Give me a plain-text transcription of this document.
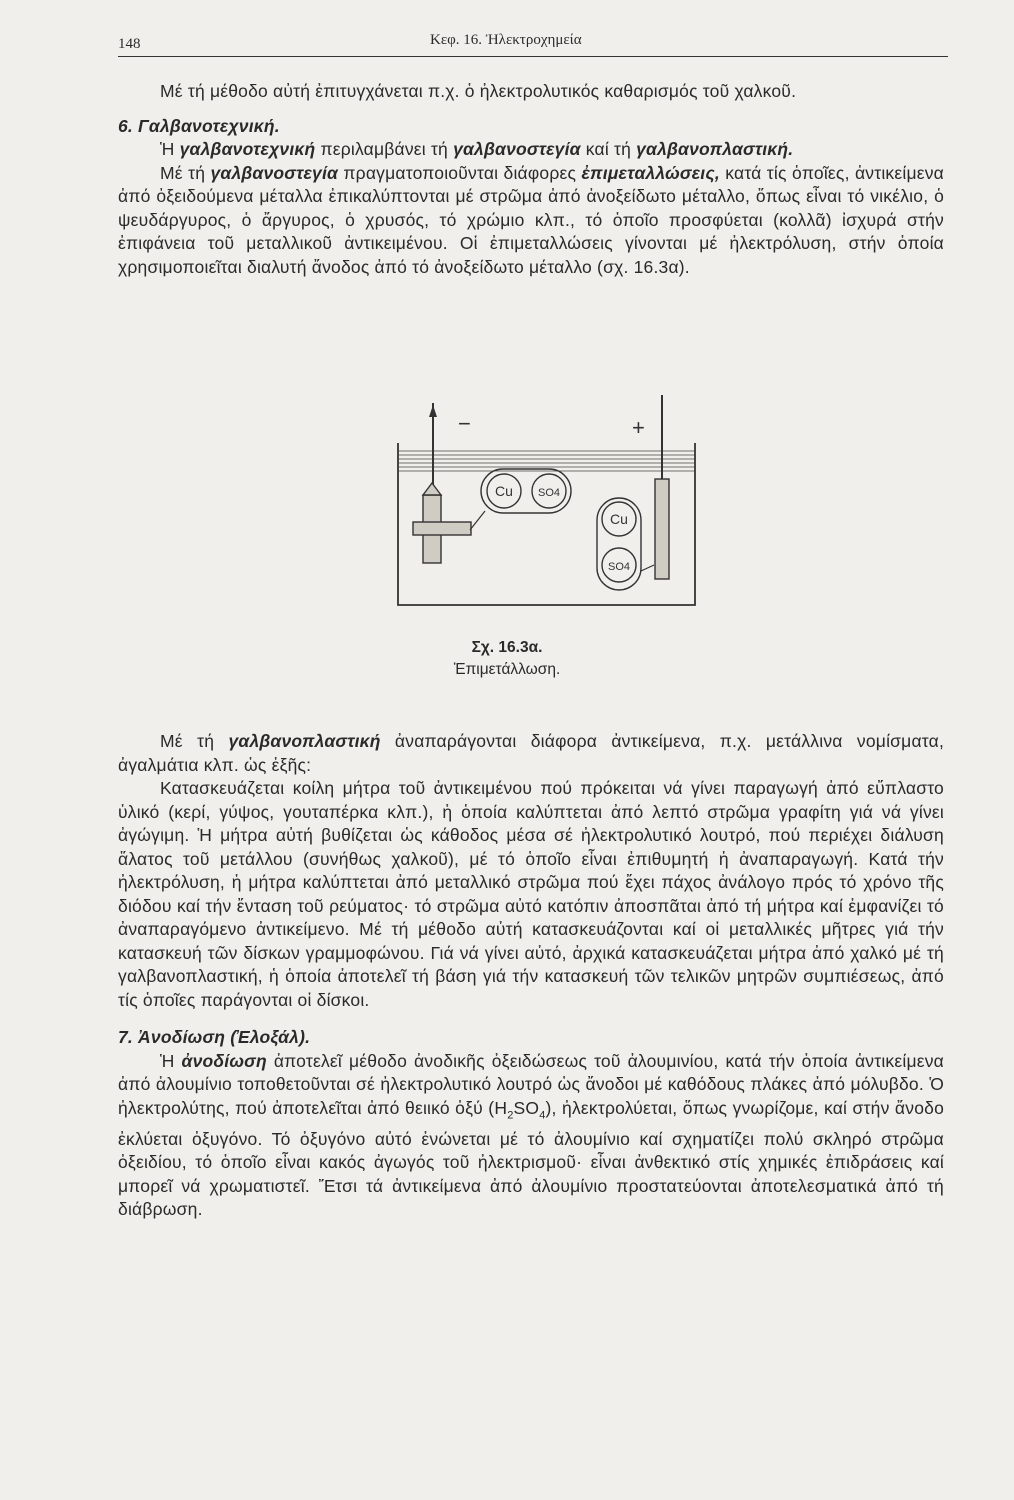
148	Κεφ. 16. Ἠλεκτροχημεία

Μέ τή μέθοδο αὐτή ἐπιτυγχάνεται π.χ. ὁ ἠλεκτρολυτικός καθαρισμός τοῦ χαλκοῦ.

6. Γαλβανοτεχνική.

Ἡ γαλβανοτεχνική περιλαμβάνει τή γαλβανοστεγία καί τή γαλβανοπλαστική.

Μέ τή γαλβανοστεγία πραγματοποιοῦνται διάφορες ἐπιμεταλλώσεις, κατά τίς ὁποῖες, ἀντικείμενα ἀπό ὀξειδούμενα μέταλλα ἐπικαλύπτονται μέ στρῶμα ἀπό ἀνοξείδωτο μέταλλο, ὅπως εἶναι τό νικέλιο, ὁ ψευδάργυρος, ὁ ἄργυρος, ὁ χρυσός, τό χρώμιο κλπ., τό ὁποῖο προσφύεται (κολλᾶ) ἰσχυρά στήν ἐπιφάνεια τοῦ μεταλλικοῦ ἀντικειμένου. Οἱ ἐπιμεταλλώσεις γίνονται μέ ἠλεκτρόλυση, στήν ὁποία χρησιμοποιεῖται διαλυτή ἄνοδος ἀπό τό ἀνοξείδωτο μέταλλο (σχ. 16.3α).

−	+
Cu SO4
Cu
SO4
Σχ. 16.3α.
Ἐπιμετάλλωση.

Μέ τή γαλβανοπλαστική ἀναπαράγονται διάφορα ἀντικείμενα, π.χ. μετάλλινα νομίσματα, ἀγαλμάτια κλπ. ὡς ἑξῆς:

Κατασκευάζεται κοίλη μήτρα τοῦ ἀντικειμένου πού πρόκειται νά γίνει παραγωγή ἀπό εὔπλαστο ὑλικό (κερί, γύψος, γουταπέρκα κλπ.), ἡ ὁποία καλύπτεται ἀπό λεπτό στρῶμα γραφίτη γιά νά γίνει ἀγώγιμη. Ἡ μήτρα αὐτή βυθίζεται ὡς κάθοδος μέσα σέ ἠλεκτρολυτικό λουτρό, πού περιέχει διάλυση ἅλατος τοῦ μετάλλου (συνήθως χαλκοῦ), μέ τό ὁποῖο εἶναι ἐπιθυμητή ἡ ἀναπαραγωγή. Κατά τήν ἠλεκτρόλυση, ἡ μήτρα καλύπτεται ἀπό μεταλλικό στρῶμα πού ἔχει πάχος ἀνάλογο πρός τό χρόνο τῆς διόδου καί τήν ἔνταση τοῦ ρεύματος· τό στρῶμα αὐτό κατόπιν ἀποσπᾶται ἀπό τή μήτρα καί ἐμφανίζει τό ἀναπαραγόμενο ἀντικείμενο. Μέ τή μέθοδο αὐτή κατασκευάζονται καί οἱ μεταλλικές μῆτρες γιά τήν κατασκευή τῶν δίσκων γραμμοφώνου. Γιά νά γίνει αὐτό, ἀρχικά κατασκευάζεται μήτρα ἀπό χαλκό μέ τή γαλβανοπλαστική, ἡ ὁποία ἀποτελεῖ τή βάση γιά τήν κατασκευή τῶν τελικῶν μητρῶν συμπιέσεως, ἀπό τίς ὁποῖες παράγονται οἱ δίσκοι.

7. Ἀνοδίωση (Ἐλοξάλ).

Ἡ ἀνοδίωση ἀποτελεῖ μέθοδο ἀνοδικῆς ὀξειδώσεως τοῦ ἀλουμινίου, κατά τήν ὁποία ἀντικείμενα ἀπό ἀλουμίνιο τοποθετοῦνται σέ ἠλεκτρολυτικό λουτρό ὡς ἄνοδοι μέ καθόδους πλάκες ἀπό μόλυβδο. Ὁ ἠλεκτρολύτης, πού ἀποτελεῖται ἀπό θειικό ὀξύ $(H_2SO_4)$, ἠλεκτρολύεται, ὅπως γνωρίζομε, καί στήν ἄνοδο ἐκλύεται ὀξυγόνο. Τό ὀξυγόνο αὐτό ἑνώνεται μέ τό ἀλουμίνιο καί σχηματίζει πολύ σκληρό στρῶμα ὀξειδίου, τό ὁποῖο εἶναι κακός ἀγωγός τοῦ ἠλεκτρισμοῦ· εἶναι ἀνθεκτικό στίς χημικές ἐπιδράσεις καί μπορεῖ νά χρωματιστεῖ. Ἔτσι τά ἀντικείμενα ἀπό ἀλουμίνιο προστατεύονται ἀποτελεσματικά ἀπό τή διάβρωση.
